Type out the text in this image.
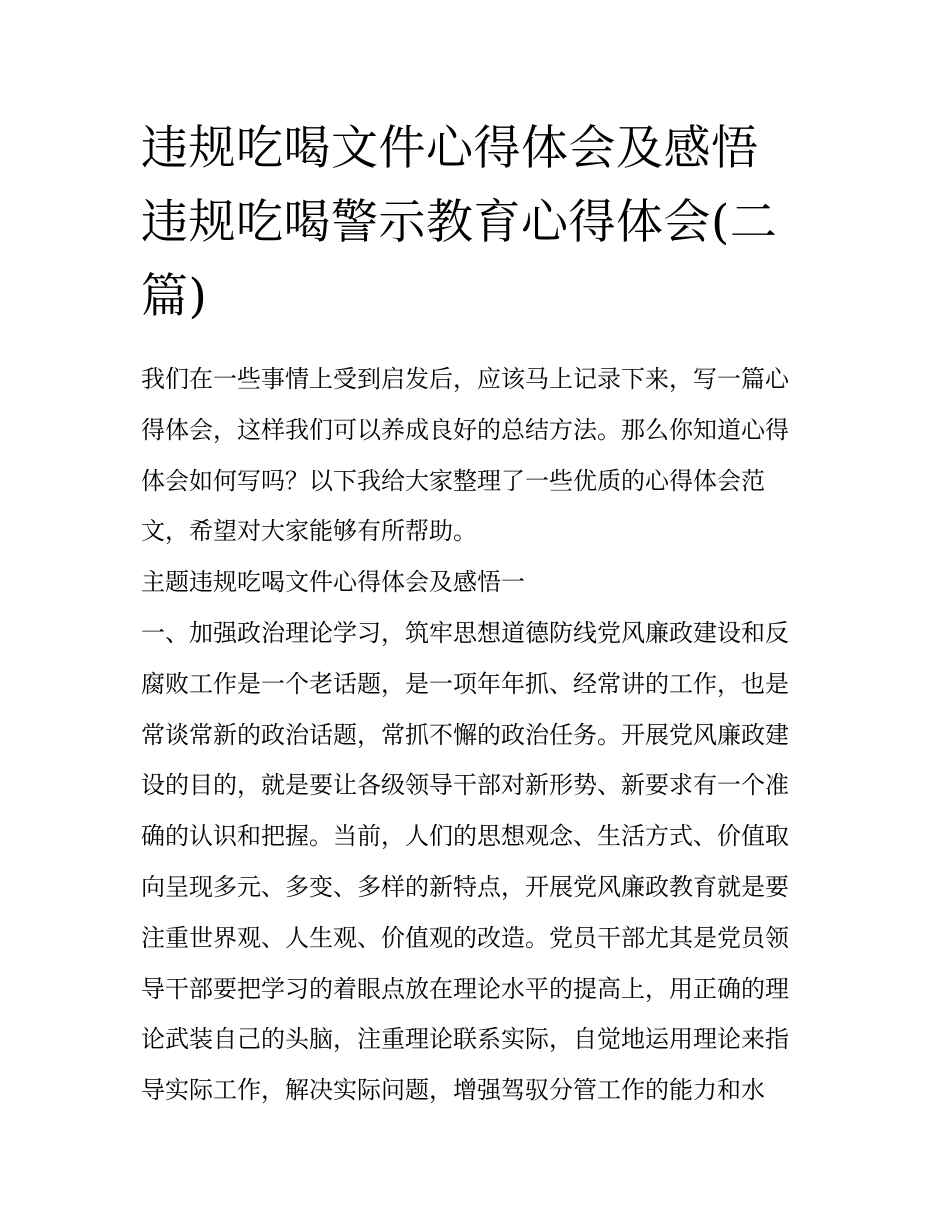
违规吃喝文件心得体会及感悟
违规吃喝警示教育心得体会(二
篇)
我们在一些事情上受到启发后，应该马上记录下来，写一篇心
得体会，这样我们可以养成良好的总结方法。那么你知道心得
体会如何写吗？以下我给大家整理了一些优质的心得体会范
文，希望对大家能够有所帮助。
主题违规吃喝文件心得体会及感悟一
一、加强政治理论学习，筑牢思想道德防线党风廉政建设和反
腐败工作是一个老话题，是一项年年抓、经常讲的工作，也是
常谈常新的政治话题，常抓不懈的政治任务。开展党风廉政建
设的目的，就是要让各级领导干部对新形势、新要求有一个准
确的认识和把握。当前，人们的思想观念、生活方式、价值取
向呈现多元、多变、多样的新特点，开展党风廉政教育就是要
注重世界观、人生观、价值观的改造。党员干部尤其是党员领
导干部要把学习的着眼点放在理论水平的提高上，用正确的理
论武装自己的头脑，注重理论联系实际，自觉地运用理论来指
导实际工作，解决实际问题，增强驾驭分管工作的能力和水
